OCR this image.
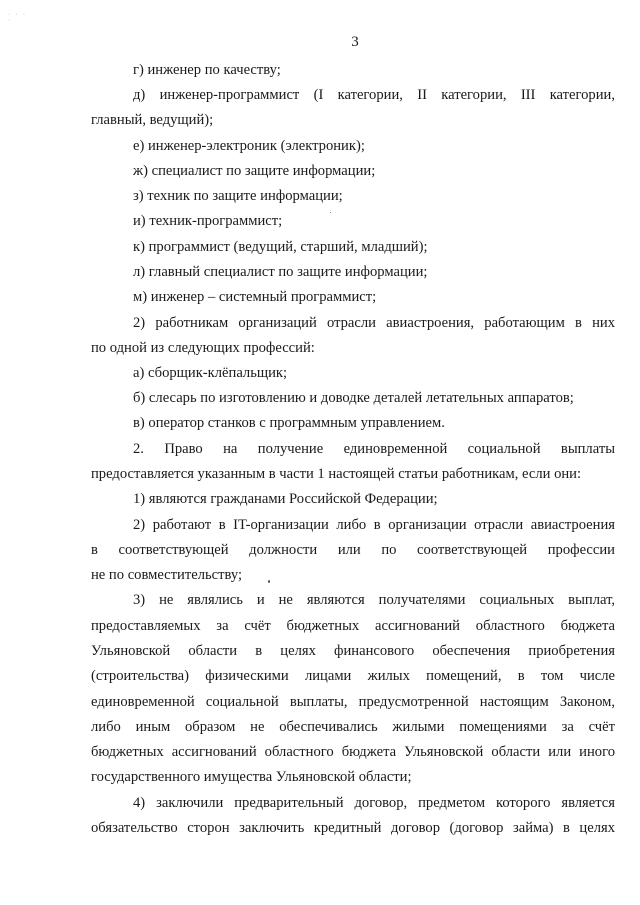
· · · ·
3
г) инженер по качеству;
д) инженер-программист (I категории, II категории, III категории,
главный, ведущий);
е) инженер-электроник (электроник);
ж) специалист по защите информации;
з) техник по защите информации;
и) техник-программист;
к) программист (ведущий, старший, младший);
л) главный специалист по защите информации;
м) инженер – системный программист;
2) работникам организаций отрасли авиастроения, работающим в них
по одной из следующих профессий:
а) сборщик-клёпальщик;
б) слесарь по изготовлению и доводке деталей летательных аппаратов;
в) оператор станков с программным управлением.
2. Право на получение единовременной социальной выплаты
предоставляется указанным в части 1 настоящей статьи работникам, если они:
1) являются гражданами Российской Федерации;
2) работают в IT-организации либо в организации отрасли авиастроения
в соответствующей должности или по соответствующей профессии
не по совместительству;
3) не являлись и не являются получателями социальных выплат,
предоставляемых за счёт бюджетных ассигнований областного бюджета
Ульяновской области в целях финансового обеспечения приобретения
(строительства) физическими лицами жилых помещений, в том числе
единовременной социальной выплаты, предусмотренной настоящим Законом,
либо иным образом не обеспечивались жилыми помещениями за счёт
бюджетных ассигнований областного бюджета Ульяновской области или иного
государственного имущества Ульяновской области;
4) заключили предварительный договор, предметом которого является
обязательство сторон заключить кредитный договор (договор займа) в целях
